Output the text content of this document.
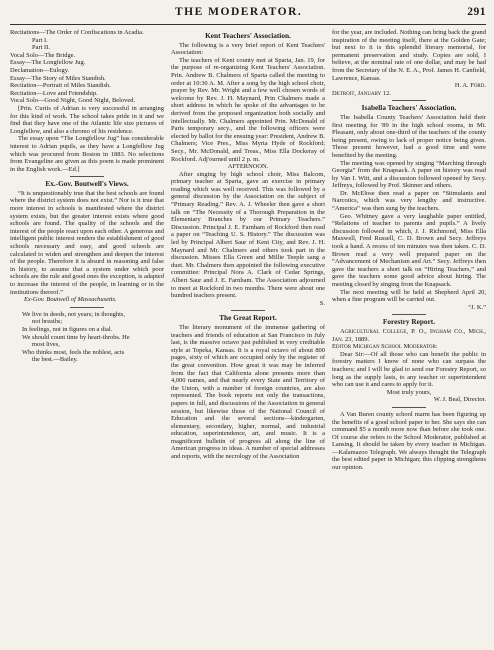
THE MODERATOR.	291

Recitations—The Order of Confiscations in Acadia.

Part I.

Part II.

Vocal Solo—The Bridge.

Essay—The Longfellow Jug.

Declamation—Eulogy.

Essay—The Story of Miles Standish.

Recitation—Portrait of Miles Standish.

Recitation—Love and Friendship.

Vocal Solo—Good Night, Good Night, Beloved.

[Prin. Curtis of Adrian is very successful in arranging for this kind of work. The school takes pride in it and we find that they have one of the Atlantic life size pictures of Longfellow, and also a chromo of his residence.

The essay upon “The Longfellow Jug” has considerable interest to Adrian pupils, as they have a Longfellow Jug which was procured from Boston in 1883. No selections from Evangeline are given as this poem is made prominent in the English work.—Ed.]

Ex.-Gov. Boutwell's Views.

“It is unquestionably true that the best schools are found where the district system does not exist.” Nor is it true that more interest in schools is manifested where the district system exists, but the greater interest exists where good schools are found. The quality of the schools and the interest of the people react upon each other. A generous and intelligent public interest renders the establishment of good schools necessary and easy, and good schools are calculated to widen and strengthen and deepen the interest of the people. Therefore it is absurd in reasoning and false in history, to assume that a system under which poor schools are the rule and good ones the exception, is adapted to increase the interest of the people, in learning or in the institutions thereof.”

Ex-Gov. Boutwell of Massachusetts.

We live in deeds, not years; in thoughts,
not breaths;
In feelings, not in figures on a dial.
We should count time by heart-throbs. He
most lives,
Who thinks most, feels the noblest, acts
the best.—Bailey.
Kent Teachers' Association.

The following is a very brief report of Kent Teachers' Association:

The teachers of Kent county met at Sparta, Jan. 19, for the purpose of re-organizing Kent Teachers' Association. Prin. Andrew B. Chalmers of Sparta called the meeting to order at 10:30 A. M. After a song by the high school choir, prayer by Rev. Mr. Wright and a few well chosen words of welcome by Rev. J. H. Maynard, Prin Chalmers made a short address in which he spoke of the advantages to be derived from the proposed organization both socially and intellectually. Mr. Chalmers appointed Prin. McDonald of Paris temporary secy., and the following officers were elected by ballot for the ensuing year: President, Andrew B. Chalmers; Vice Pres., Miss Myrta Hyde of Rockford; Secy., Mr. McDonald, and Treas., Miss Ella Dockeray of Rockford. Adj'ourned until 2 p. m.

AFTERNOON.

After singing by high school choir, Miss Balcom, primary teacher at Sparta, gave an exercise in primary reading which was well received. This was followed by a general discussion by the Association on the subject of “Primary Reading.” Rev. A. J. Wheeler then gave a short talk on “The Necessity of a Thorough Preparation in the Elementary Branches by our Primary Teachers.” Discussion. Principal J. E. Farnham of Rockford then read a paper on “Teaching U. S. History.” The discussion was led by Principal Albert Saur of Kent City, and Rev. J. H. Maynard and Mr. Chalmers and others took part in the discussion. Misses Ella Green and Millie Teeple sang a duet. Mr. Chalmers then appointed the following executive committee: Principal Nora A. Clark of Cedar Springs, Albert Saur and J. E. Farnham. The Association adjourned to meet at Rockford in two months. There were about one hundred teachers present.

S.

The Great Report.

The literary monument of the immense gathering of teachers and friends of education at San Francisco in July last, is the massive octavo just published in very creditable style at Topeka, Kansas. It is a royal octavo of about 800 pages, sixty of which are occupied only by the register of the great convention. How great it was may be inferred from the fact that California alone presents more than 4,000 names, and that nearly every State and Territory of the Union, with a number of foreign countries, are also represented. The book reports not only the transactions, papers in full, and discussions of the Association in general session, but likewise those of the National Council of Education and the several sections—kindergarten, elementary, secondary, higher, normal, and industrial education, superintendence, art, and music. It is a magnificent bulletin of progress all along the line of American progress in ideas. A number of special addresses and reports, with the necrology of the Association

for the year, are included. Nothing can bring back the grand inspiration of the meeting itself, there at the Golden Gate; but next to it is this splendid literary memorial, for permanent preservation and study. Copies are sold, I believe, at the nominal rate of one dollar, and may be had from the Secretary of the N. E. A., Prof. James H. Canfield, Lawrence, Kansas.

H. A. Ford.

Detroit, January 12.

Isabella Teachers' Association.

The Isabella County Teachers' Association held their first meeting for '89 in the high school rooms, in Mt. Pleasant, only about one-third of the teachers of the county being present, owing to lack of proper notice being given. Those present however, had a good time and were benefited by the meeting.

The meeting was opened by singing “Marching through Georgia” from the Knapsack. A paper on history was read by Van I. Witt, and a discussion followed opened by Secy. Jeffreys, followed by Prof. Skinner and others.

Dr. McElose then read a paper on “Stimulants and Narcotics, which was very lengthy and instructive. “America” was then sung by the teachers.

Geo. Whitney gave a very laughable paper entitled, “Relations of teacher to parents and pupils.” A lively discussion followed in which, J. J. Richmond, Miss Ella Maxwell, Fred Russell, C. D. Brown and Secy. Jeffreys took a hand. A recess of ten minutes was then taken. C. D. Brown read a very well prepared paper on the “Advancement of Mechanism and Art.” Secy. Jeffreys then gave the teachers a short talk on “Hiring Teachers,” and gave the teachers some good advice about hiring. The meeting closed by singing from the Knapsack.

The next meeting will be held at Shepherd April 20, when a fine program will be carried out.

“J. K.”

Forestry Report.

Agricultural College, P. O., Ingham Co., Mich., Jan. 23, 1889.

Editor Michigan School Moderator:

Dear Sir:—Of all those who can benefit the public in forestry matters I know of none who can surpass the teachers; and I will be glad to send our Forestry Report, so long as the supply lasts, to any teacher or superintendent who can use it and cares to apply for it.

Most truly yours,

W. J. Beal, Director.

A Van Buren county school marm has been figuring up the benefits of a good school paper to her. She says she can command $5 a month more now than before she took one. Of course she refers to the School Moderator, published at Lansing. It should be taken by every teacher in Michigan.—Kalamazoo Telegraph. We always thought the Telegraph the best edited paper in Michigan; this clipping strengthens our opinion.
